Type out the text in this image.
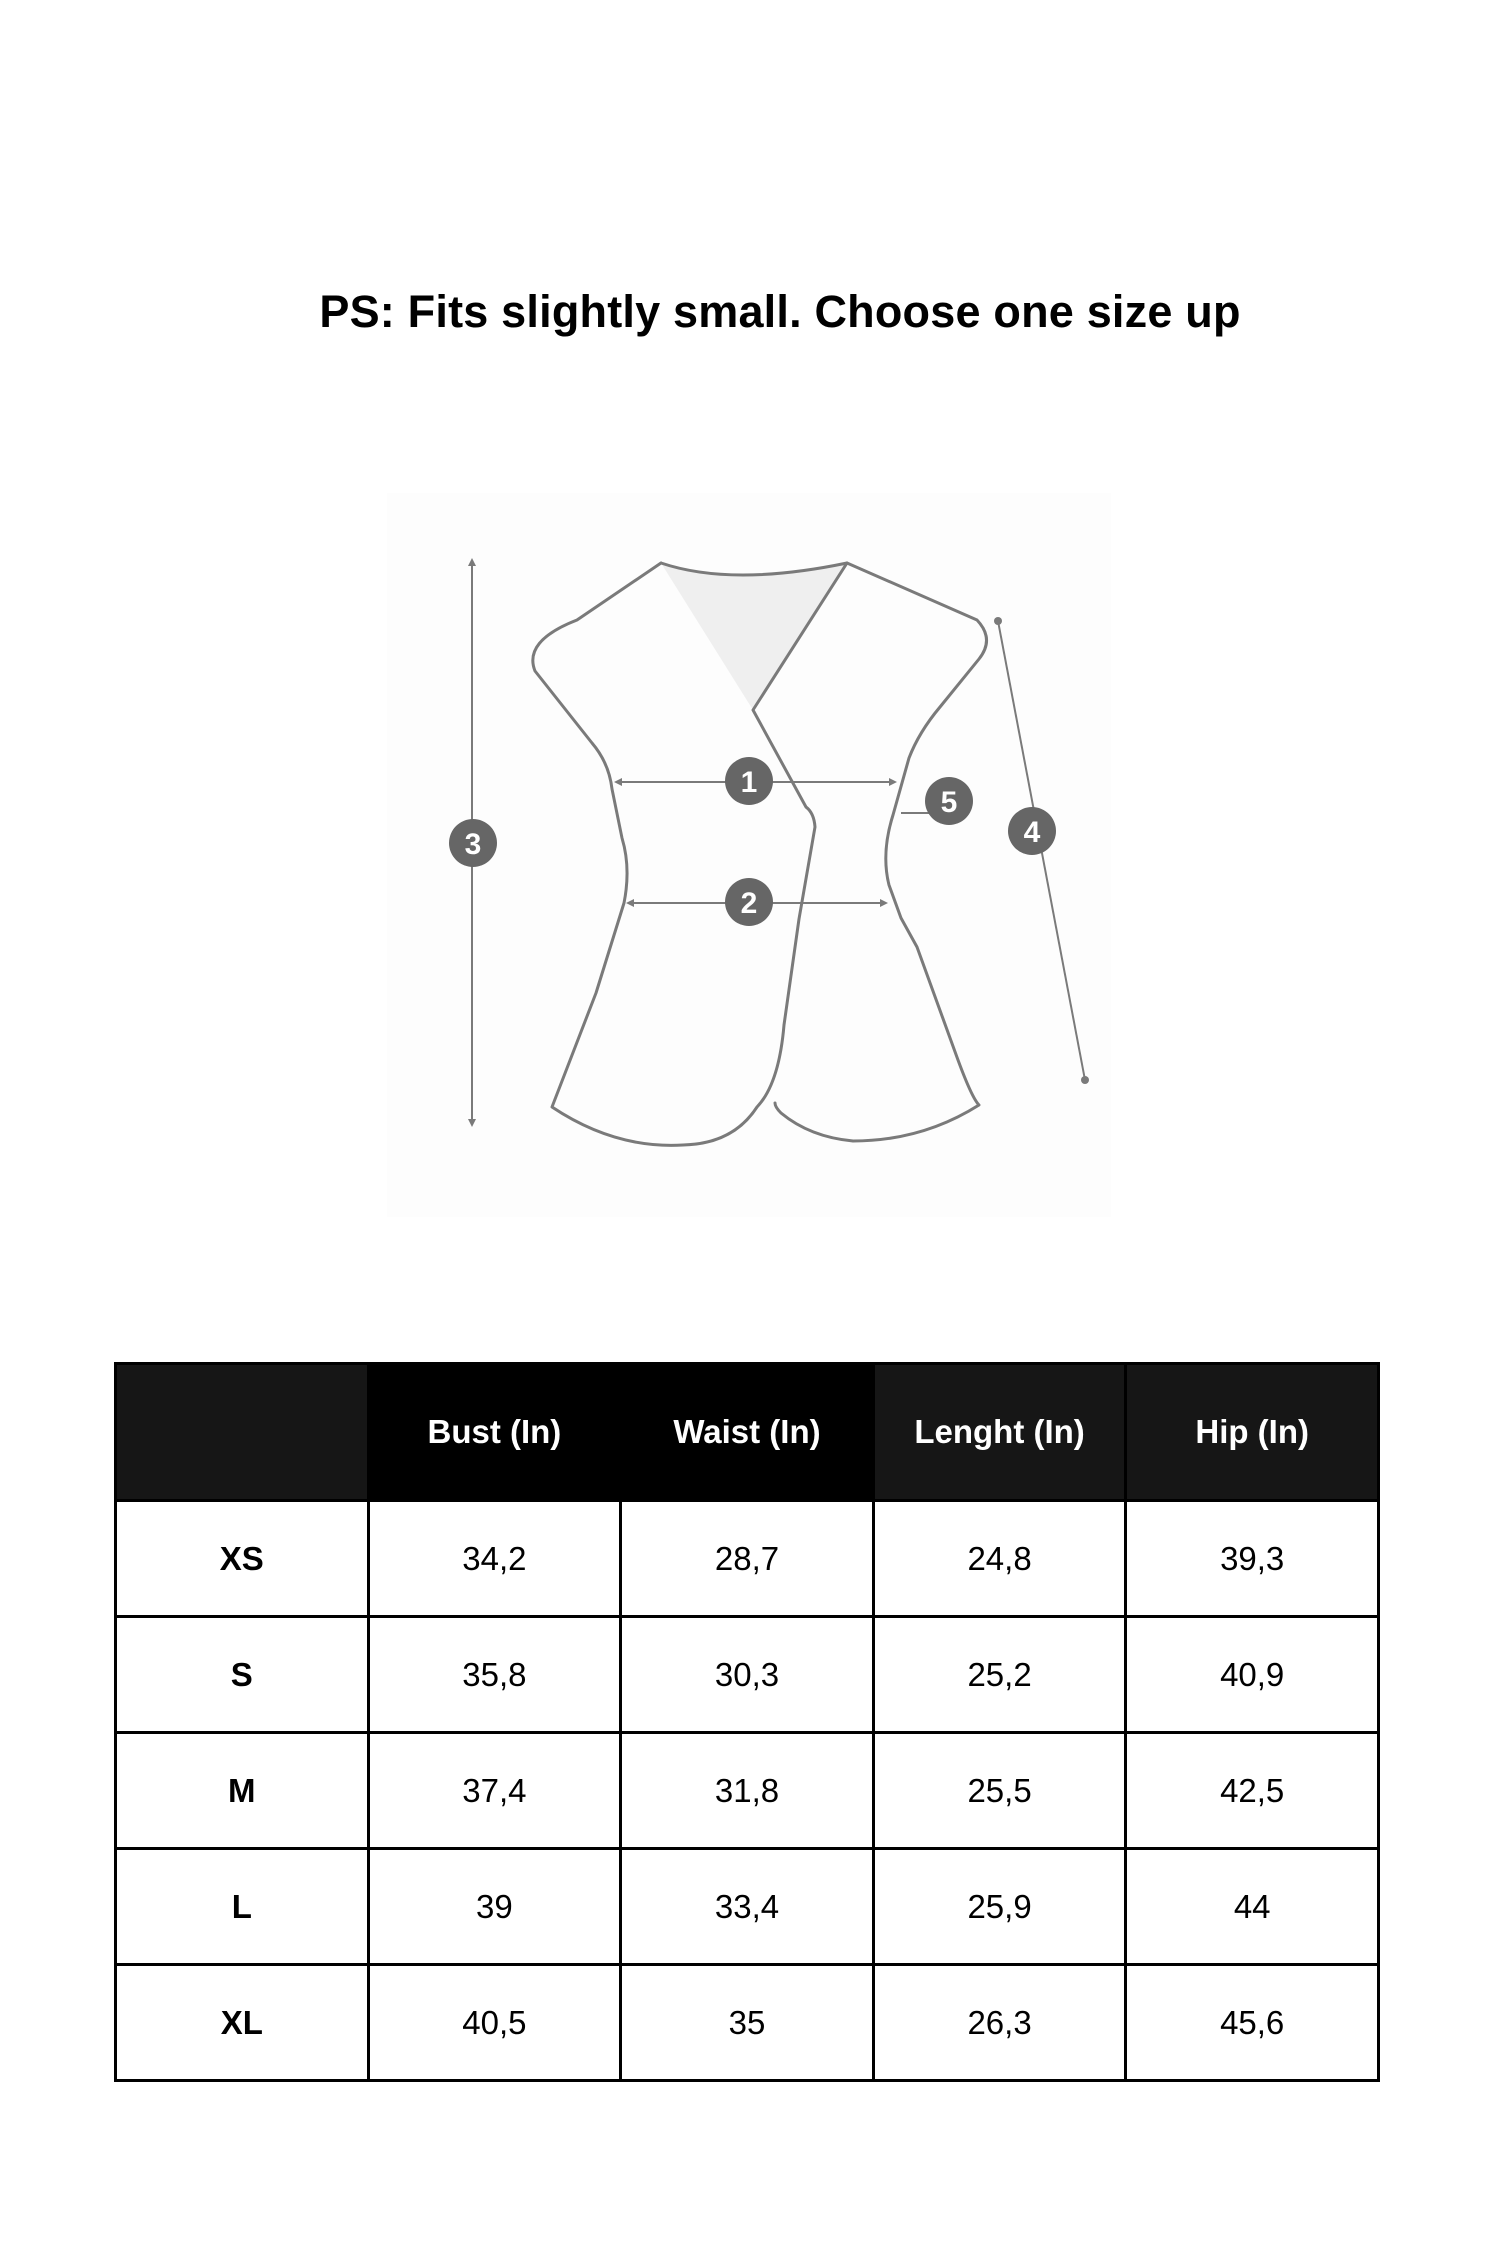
PS: Fits slightly small. Choose one size up
1
2
3	4
5
	Bust (In)	Waist (In)	Lenght (In)	Hip (In)
XS	34,2	28,7	24,8	39,3
S	35,8	30,3	25,2	40,9
M	37,4	31,8	25,5	42,5
L	39	33,4	25,9	44
XL	40,5	35	26,3	45,6
